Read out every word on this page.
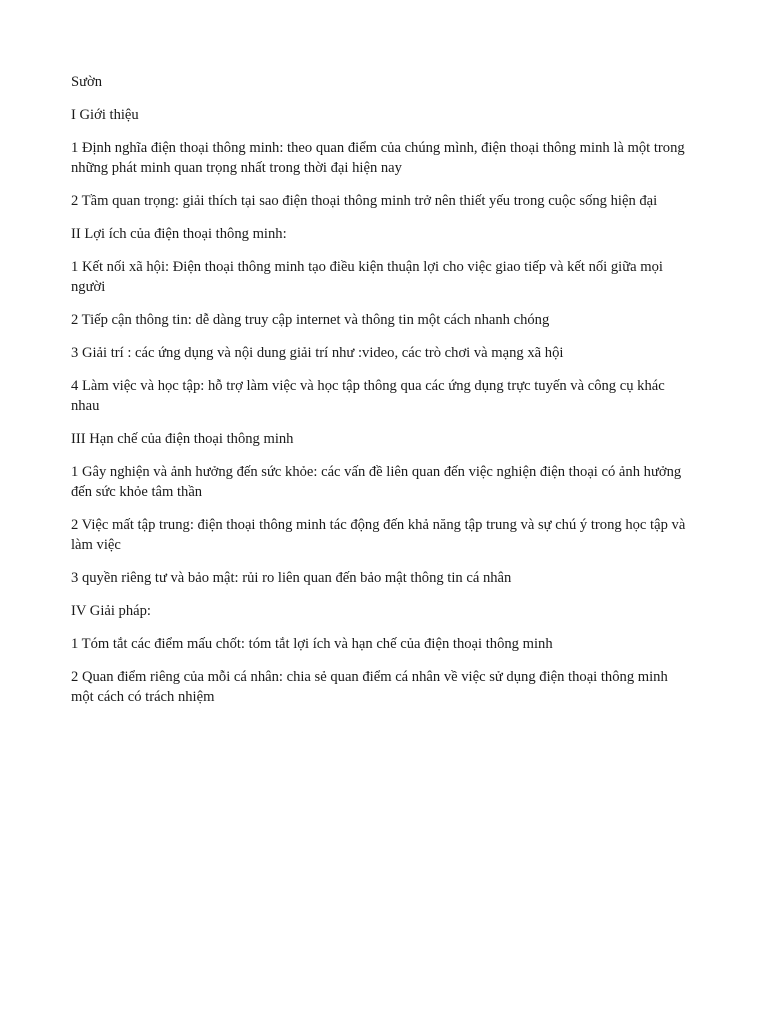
Sườn

I Giới thiệu

1 Định nghĩa điện thoại thông minh: theo quan điểm của chúng mình, điện thoại thông minh là một trong những phát minh quan trọng nhất trong thời đại hiện nay

2 Tầm quan trọng: giải thích tại sao điện thoại thông minh trở nên thiết yếu trong cuộc sống hiện đại

II Lợi ích của điện thoại thông minh:

1 Kết nối xã hội: Điện thoại thông minh tạo điều kiện thuận lợi cho việc giao tiếp và kết nối giữa mọi người

2 Tiếp cận thông tin: dễ dàng truy cập internet và thông tin một cách nhanh chóng

3 Giải trí : các ứng dụng và nội dung giải trí như :video, các trò chơi và mạng xã hội

4 Làm việc và học tập: hỗ trợ làm việc và học tập thông qua các ứng dụng trực tuyến và công cụ khác nhau

III Hạn chế của điện thoại thông minh

1 Gây nghiện và ảnh hưởng đến sức khỏe: các vấn đề liên quan đến việc nghiện điện thoại có ảnh hưởng đến sức khỏe tâm thần

2 Việc mất tập trung: điện thoại thông minh tác động đến khả năng tập trung và sự chú ý trong học tập và làm việc

3 quyền riêng tư và bảo mật: rủi ro liên quan đến bảo mật thông tin cá nhân

IV Giải pháp:

1 Tóm tắt các điểm mấu chốt: tóm tắt lợi ích và hạn chế của điện thoại thông minh

2 Quan điểm riêng của mỗi cá nhân: chia sẻ quan điểm cá nhân về việc sử dụng điện thoại thông minh một cách có trách nhiệm
